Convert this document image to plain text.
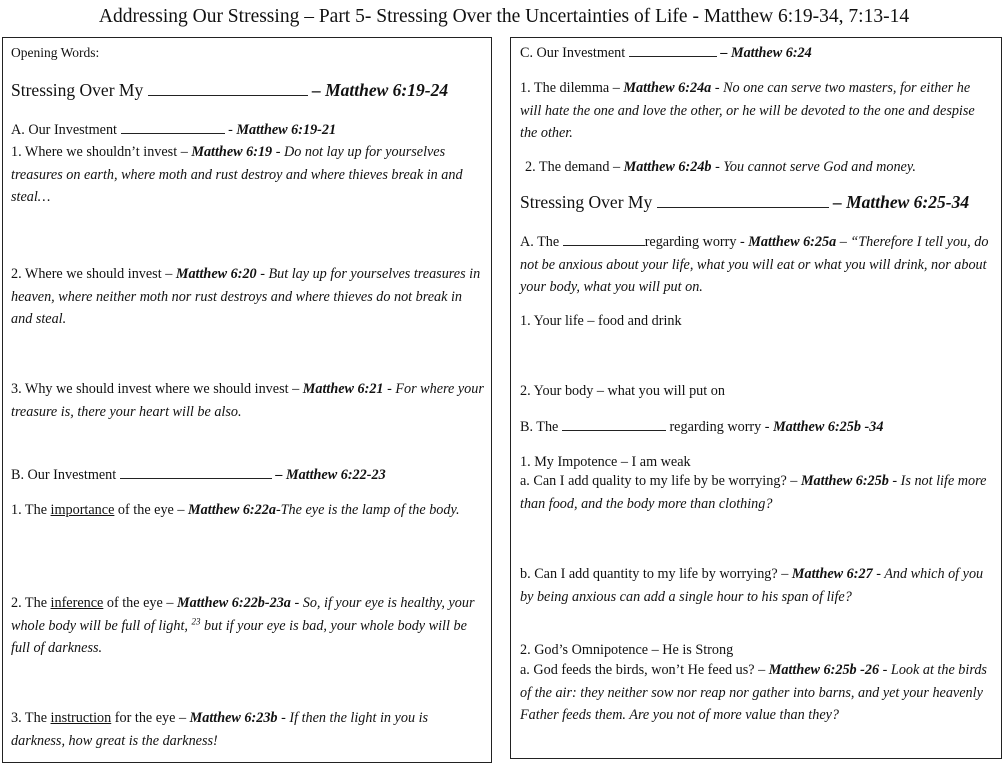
Addressing Our Stressing – Part 5- Stressing Over the Uncertainties of Life - Matthew 6:19-34, 7:13-14
Opening Words:
Stressing Over My	– Matthew 6:19-24
A. Our Investment	- Matthew 6:19-21
1. Where we shouldn’t invest – Matthew 6:19 - Do not lay up for yourselves treasures on earth, where moth and rust destroy and where thieves break in and steal…
2. Where we should invest – Matthew 6:20 - But lay up for yourselves treasures in heaven, where neither moth nor rust destroys and where thieves do not break in and steal.
3. Why we should invest where we should invest – Matthew 6:21 - For where your treasure is, there your heart will be also.
B. Our Investment	– Matthew 6:22-23
1. The importance of the eye – Matthew 6:22a-The eye is the lamp of the body.
2. The inference of the eye – Matthew 6:22b-23a - So, if your eye is healthy, your whole body will be full of light, $^{23}$ but if your eye is bad, your whole body will be full of darkness.
3. The instruction for the eye – Matthew 6:23b - If then the light in you is darkness, how great is the darkness!
C. Our Investment	– Matthew 6:24
1. The dilemma – Matthew 6:24a - No one can serve two masters, for either he will hate the one and love the other, or he will be devoted to the one and despise the other.
2. The demand – Matthew 6:24b - You cannot serve God and money.
Stressing Over My	– Matthew 6:25-34
A. The	regarding worry - Matthew 6:25a – “Therefore I tell you, do not be anxious about your life, what you will eat or what you will drink, nor about your body, what you will put on.
1. Your life – food and drink
2. Your body – what you will put on
B. The	regarding worry - Matthew 6:25b -34
1. My Impotence – I am weak
a. Can I add quality to my life by be worrying? – Matthew 6:25b - Is not life more than food, and the body more than clothing?
b. Can I add quantity to my life by worrying? – Matthew 6:27 - And which of you by being anxious can add a single hour to his span of life?
2. God’s Omnipotence – He is Strong
a. God feeds the birds, won’t He feed us? – Matthew 6:25b -26 - Look at the birds of the air: they neither sow nor reap nor gather into barns, and yet your heavenly Father feeds them. Are you not of more value than they?
